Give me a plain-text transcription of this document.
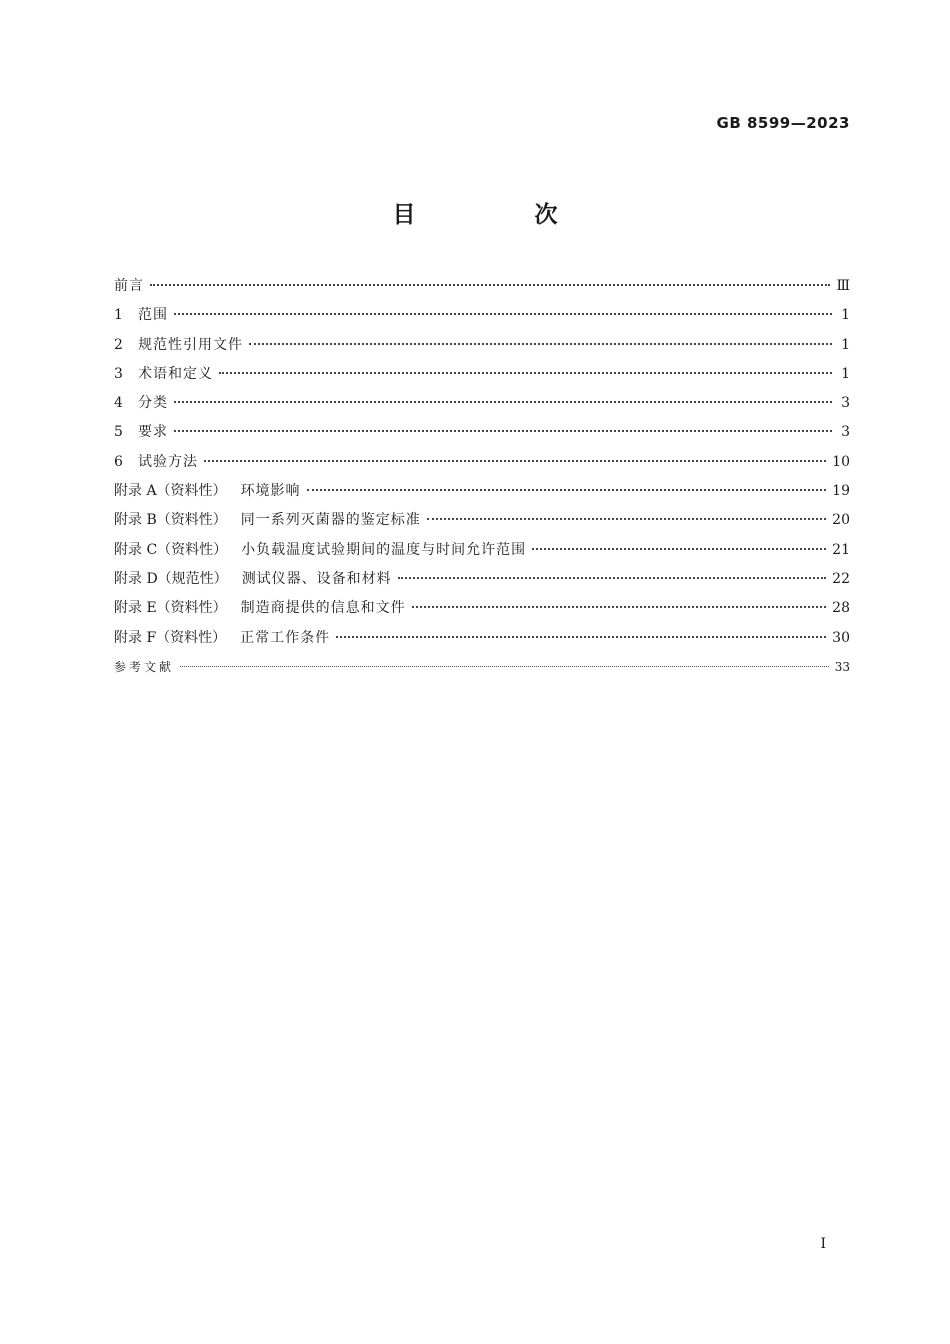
GB 8599—2023
目　次
前言	Ⅲ
1	范围	1
2	规范性引用文件	1
3	术语和定义	1
4	分类	3
5	要求	3
6	试验方法	10
附录 A（资料性） 环境影响	19
附录 B（资料性） 同一系列灭菌器的鉴定标准	20
附录 C（资料性） 小负载温度试验期间的温度与时间允许范围	21
附录 D（规范性） 测试仪器、设备和材料	22
附录 E（资料性） 制造商提供的信息和文件	28
附录 F（资料性） 正常工作条件	30
参考文献	33
Ⅰ
